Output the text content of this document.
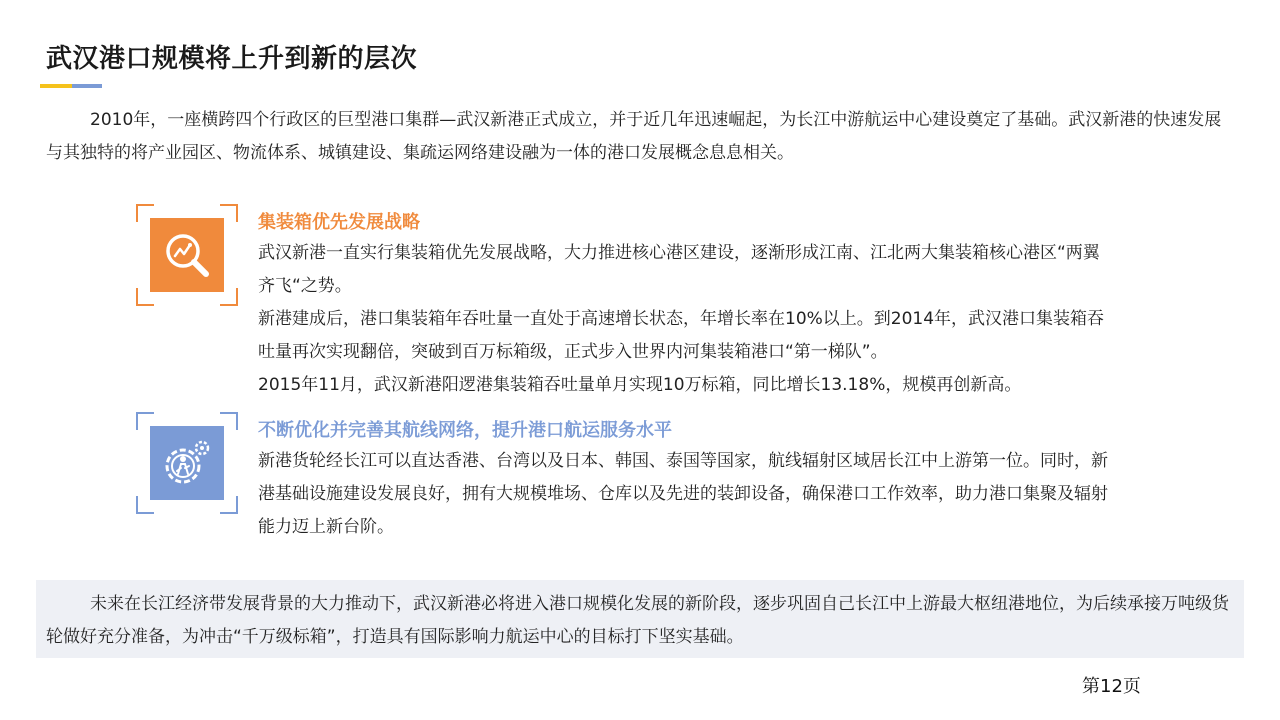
武汉港口规模将上升到新的层次
2010年，一座横跨四个行政区的巨型港口集群—武汉新港正式成立，并于近几年迅速崛起，为长江中游航运中心建设奠定了基础。武汉新港的快速发展与其独特的将产业园区、物流体系、城镇建设、集疏运网络建设融为一体的港口发展概念息息相关。
集装箱优先发展战略

武汉新港一直实行集装箱优先发展战略，大力推进核心港区建设，逐渐形成江南、江北两大集装箱核心港区“两翼齐飞“之势。

新港建成后，港口集装箱年吞吐量一直处于高速增长状态，年增长率在10%以上。到2014年，武汉港口集装箱吞吐量再次实现翻倍，突破到百万标箱级，正式步入世界内河集装箱港口“第一梯队”。

2015年11月，武汉新港阳逻港集装箱吞吐量单月实现10万标箱，同比增长13.18%，规模再创新高。

不断优化并完善其航线网络，提升港口航运服务水平

新港货轮经长江可以直达香港、台湾以及日本、韩国、泰国等国家，航线辐射区域居长江中上游第一位。同时，新港基础设施建设发展良好，拥有大规模堆场、仓库以及先进的装卸设备，确保港口工作效率，助力港口集聚及辐射能力迈上新台阶。

未来在长江经济带发展背景的大力推动下，武汉新港必将进入港口规模化发展的新阶段，逐步巩固自己长江中上游最大枢纽港地位，为后续承接万吨级货轮做好充分准备，为冲击“千万级标箱”，打造具有国际影响力航运中心的目标打下坚实基础。
第12页
